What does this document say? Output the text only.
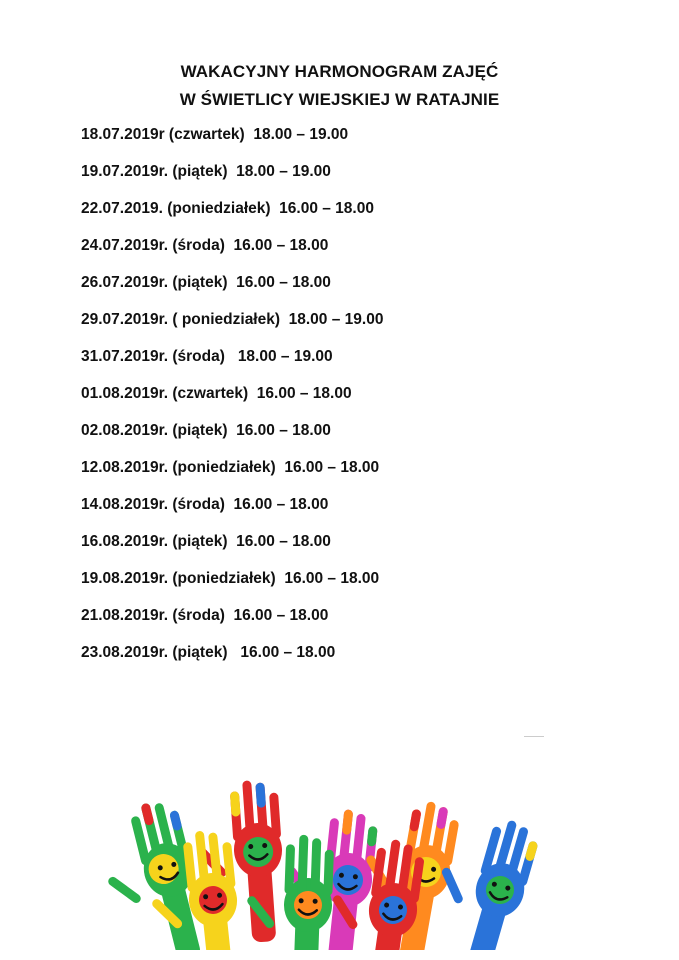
WAKACYJNY HARMONOGRAM ZAJĘĆ
W ŚWIETLICY WIEJSKIEJ W RATAJNIE
18.07.2019r (czwartek)  18.00 – 19.00
19.07.2019r. (piątek)  18.00 – 19.00
22.07.2019. (poniedziałek)  16.00 – 18.00
24.07.2019r. (środa)  16.00 – 18.00
26.07.2019r. (piątek)  16.00 – 18.00
29.07.2019r. ( poniedziałek)  18.00 – 19.00
31.07.2019r. (środa)   18.00 – 19.00
01.08.2019r. (czwartek)  16.00 – 18.00
02.08.2019r. (piątek)  16.00 – 18.00
12.08.2019r. (poniedziałek)  16.00 – 18.00
14.08.2019r. (środa)  16.00 – 18.00
16.08.2019r. (piątek)  16.00 – 18.00
19.08.2019r. (poniedziałek)  16.00 – 18.00
21.08.2019r. (środa)  16.00 – 18.00
23.08.2019r. (piątek)   16.00 – 18.00
